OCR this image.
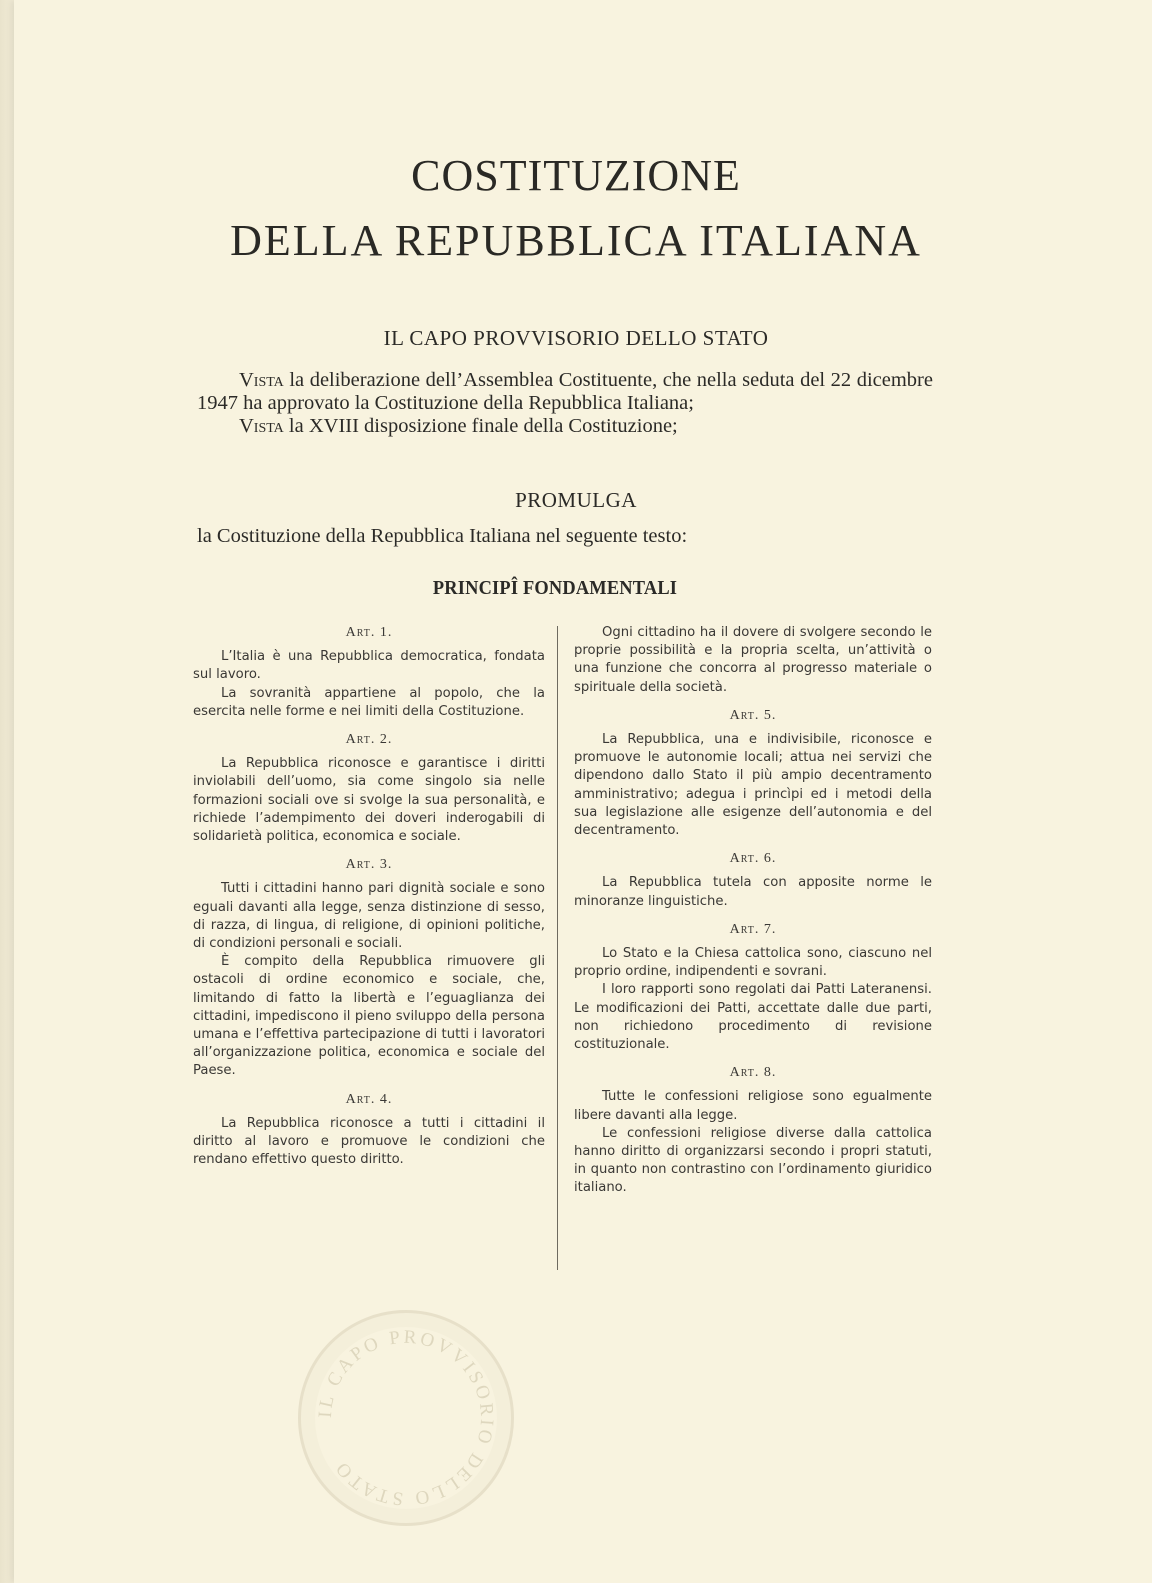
COSTITUZIONE
DELLA REPUBBLICA ITALIANA
IL CAPO PROVVISORIO DELLO STATO

Vista la deliberazione dell’Assemblea Costituente, che nella seduta del 22 dicembre 1947 ha approvato la Costituzione della Repubblica Italiana;

Vista la XVIII disposizione finale della Costituzione;

PROMULGA

la Costituzione della Repubblica Italiana nel seguente testo:

PRINCIPÎ FONDAMENTALI
Art. 1.

L’Italia è una Repubblica democratica, fondata sul lavoro.

La sovranità appartiene al popolo, che la esercita nelle forme e nei limiti della Costituzione.

Art. 2.

La Repubblica riconosce e garantisce i diritti inviolabili dell’uomo, sia come singolo sia nelle formazioni sociali ove si svolge la sua personalità, e richiede l’adempimento dei doveri inderogabili di solidarietà politica, economica e sociale.

Art. 3.

Tutti i cittadini hanno pari dignità sociale e sono eguali davanti alla legge, senza distinzione di sesso, di razza, di lingua, di religione, di opinioni politiche, di condizioni personali e sociali.

È compito della Repubblica rimuovere gli ostacoli di ordine economico e sociale, che, limitando di fatto la libertà e l’eguaglianza dei cittadini, impediscono il pieno sviluppo della persona umana e l’effettiva partecipazione di tutti i lavoratori all’organizzazione politica, economica e sociale del Paese.

Art. 4.

La Repubblica riconosce a tutti i cittadini il diritto al lavoro e promuove le condizioni che rendano effettivo questo diritto.

Ogni cittadino ha il dovere di svolgere secondo le proprie possibilità e la propria scelta, un’attività o una funzione che concorra al progresso materiale o spirituale della società.

Art. 5.

La Repubblica, una e indivisibile, riconosce e promuove le autonomie locali; attua nei servizi che dipendono dallo Stato il più ampio decentramento amministrativo; adegua i princìpi ed i metodi della sua legislazione alle esigenze dell’autonomia e del decentramento.

Art. 6.

La Repubblica tutela con apposite norme le minoranze linguistiche.

Art. 7.

Lo Stato e la Chiesa cattolica sono, ciascuno nel proprio ordine, indipendenti e sovrani.

I loro rapporti sono regolati dai Patti Lateranensi. Le modificazioni dei Patti, accettate dalle due parti, non richiedono procedimento di revisione costituzionale.

Art. 8.

Tutte le confessioni religiose sono egualmente libere davanti alla legge.

Le confessioni religiose diverse dalla cattolica hanno diritto di organizzarsi secondo i propri statuti, in quanto non contrastino con l’ordinamento giuridico italiano.

IL CAPO PROVVISORIO DELLO STATO
